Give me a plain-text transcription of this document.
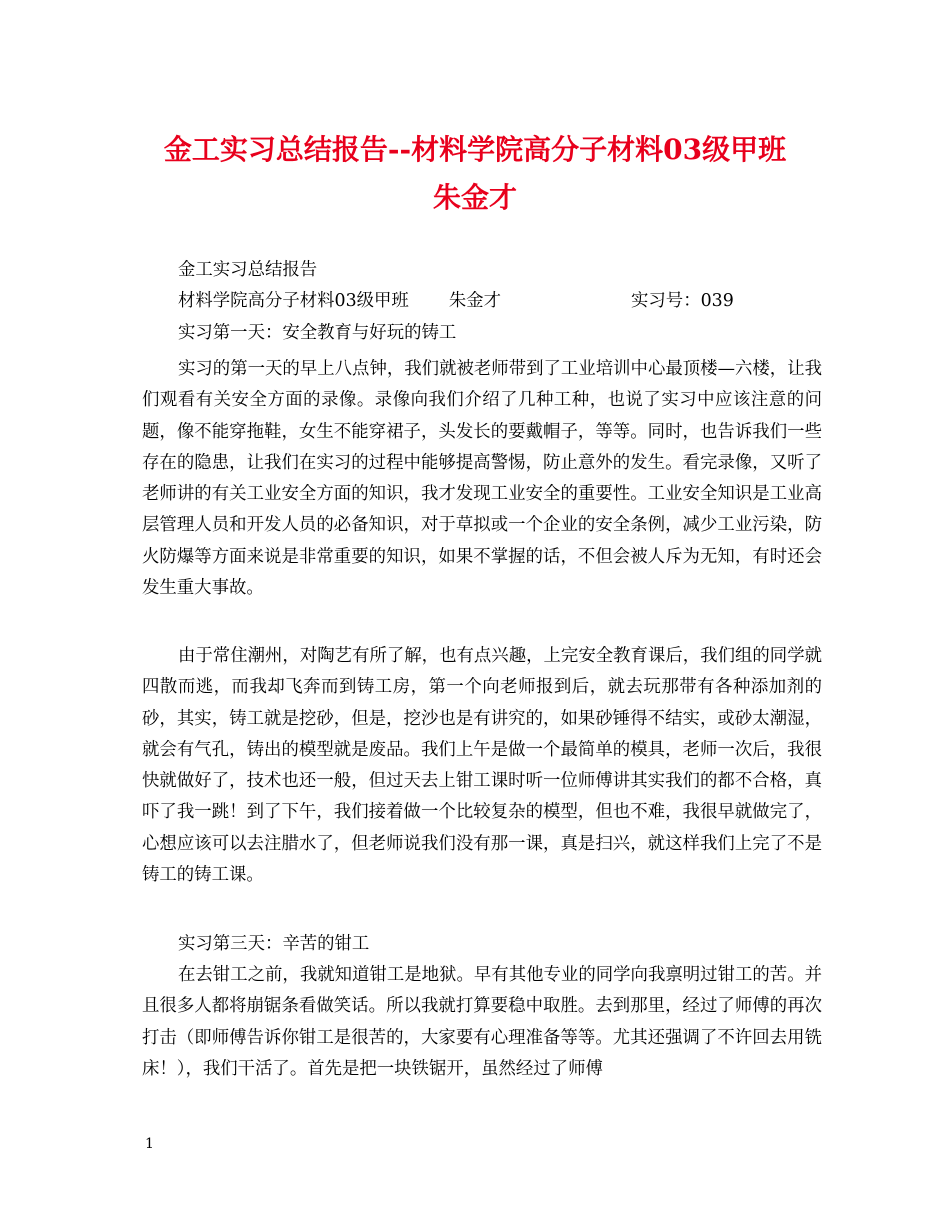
金工实习总结报告--材料学院高分子材料03级甲班
朱金才
金工实习总结报告
材料学院高分子材料03级甲班 朱金才	实习号：039
实习第一天：安全教育与好玩的铸工

实习的第一天的早上八点钟，我们就被老师带到了工业培训中心最顶楼—六楼，让我们观看有关安全方面的录像。录像向我们介绍了几种工种，也说了实习中应该注意的问题，像不能穿拖鞋，女生不能穿裙子，头发长的要戴帽子，等等。同时，也告诉我们一些存在的隐患，让我们在实习的过程中能够提高警惕，防止意外的发生。看完录像，又听了老师讲的有关工业安全方面的知识，我才发现工业安全的重要性。工业安全知识是工业高层管理人员和开发人员的必备知识，对于草拟或一个企业的安全条例，减少工业污染，防火防爆等方面来说是非常重要的知识，如果不掌握的话，不但会被人斥为无知，有时还会发生重大事故。

由于常住潮州，对陶艺有所了解，也有点兴趣，上完安全教育课后，我们组的同学就四散而逃，而我却飞奔而到铸工房，第一个向老师报到后，就去玩那带有各种添加剂的砂，其实，铸工就是挖砂，但是，挖沙也是有讲究的，如果砂锤得不结实，或砂太潮湿，就会有气孔，铸出的模型就是废品。我们上午是做一个最简单的模具，老师一次后，我很快就做好了，技术也还一般，但过天去上钳工课时听一位师傅讲其实我们的都不合格，真吓了我一跳！到了下午，我们接着做一个比较复杂的模型，但也不难，我很早就做完了，心想应该可以去注腊水了，但老师说我们没有那一课，真是扫兴，就这样我们上完了不是铸工的铸工课。

实习第三天：辛苦的钳工

在去钳工之前，我就知道钳工是地狱。早有其他专业的同学向我禀明过钳工的苦。并且很多人都将崩锯条看做笑话。所以我就打算要稳中取胜。去到那里，经过了师傅的再次打击（即师傅告诉你钳工是很苦的，大家要有心理准备等等。尤其还强调了不许回去用铣床！），我们干活了。首先是把一块铁锯开，虽然经过了师傅

1
